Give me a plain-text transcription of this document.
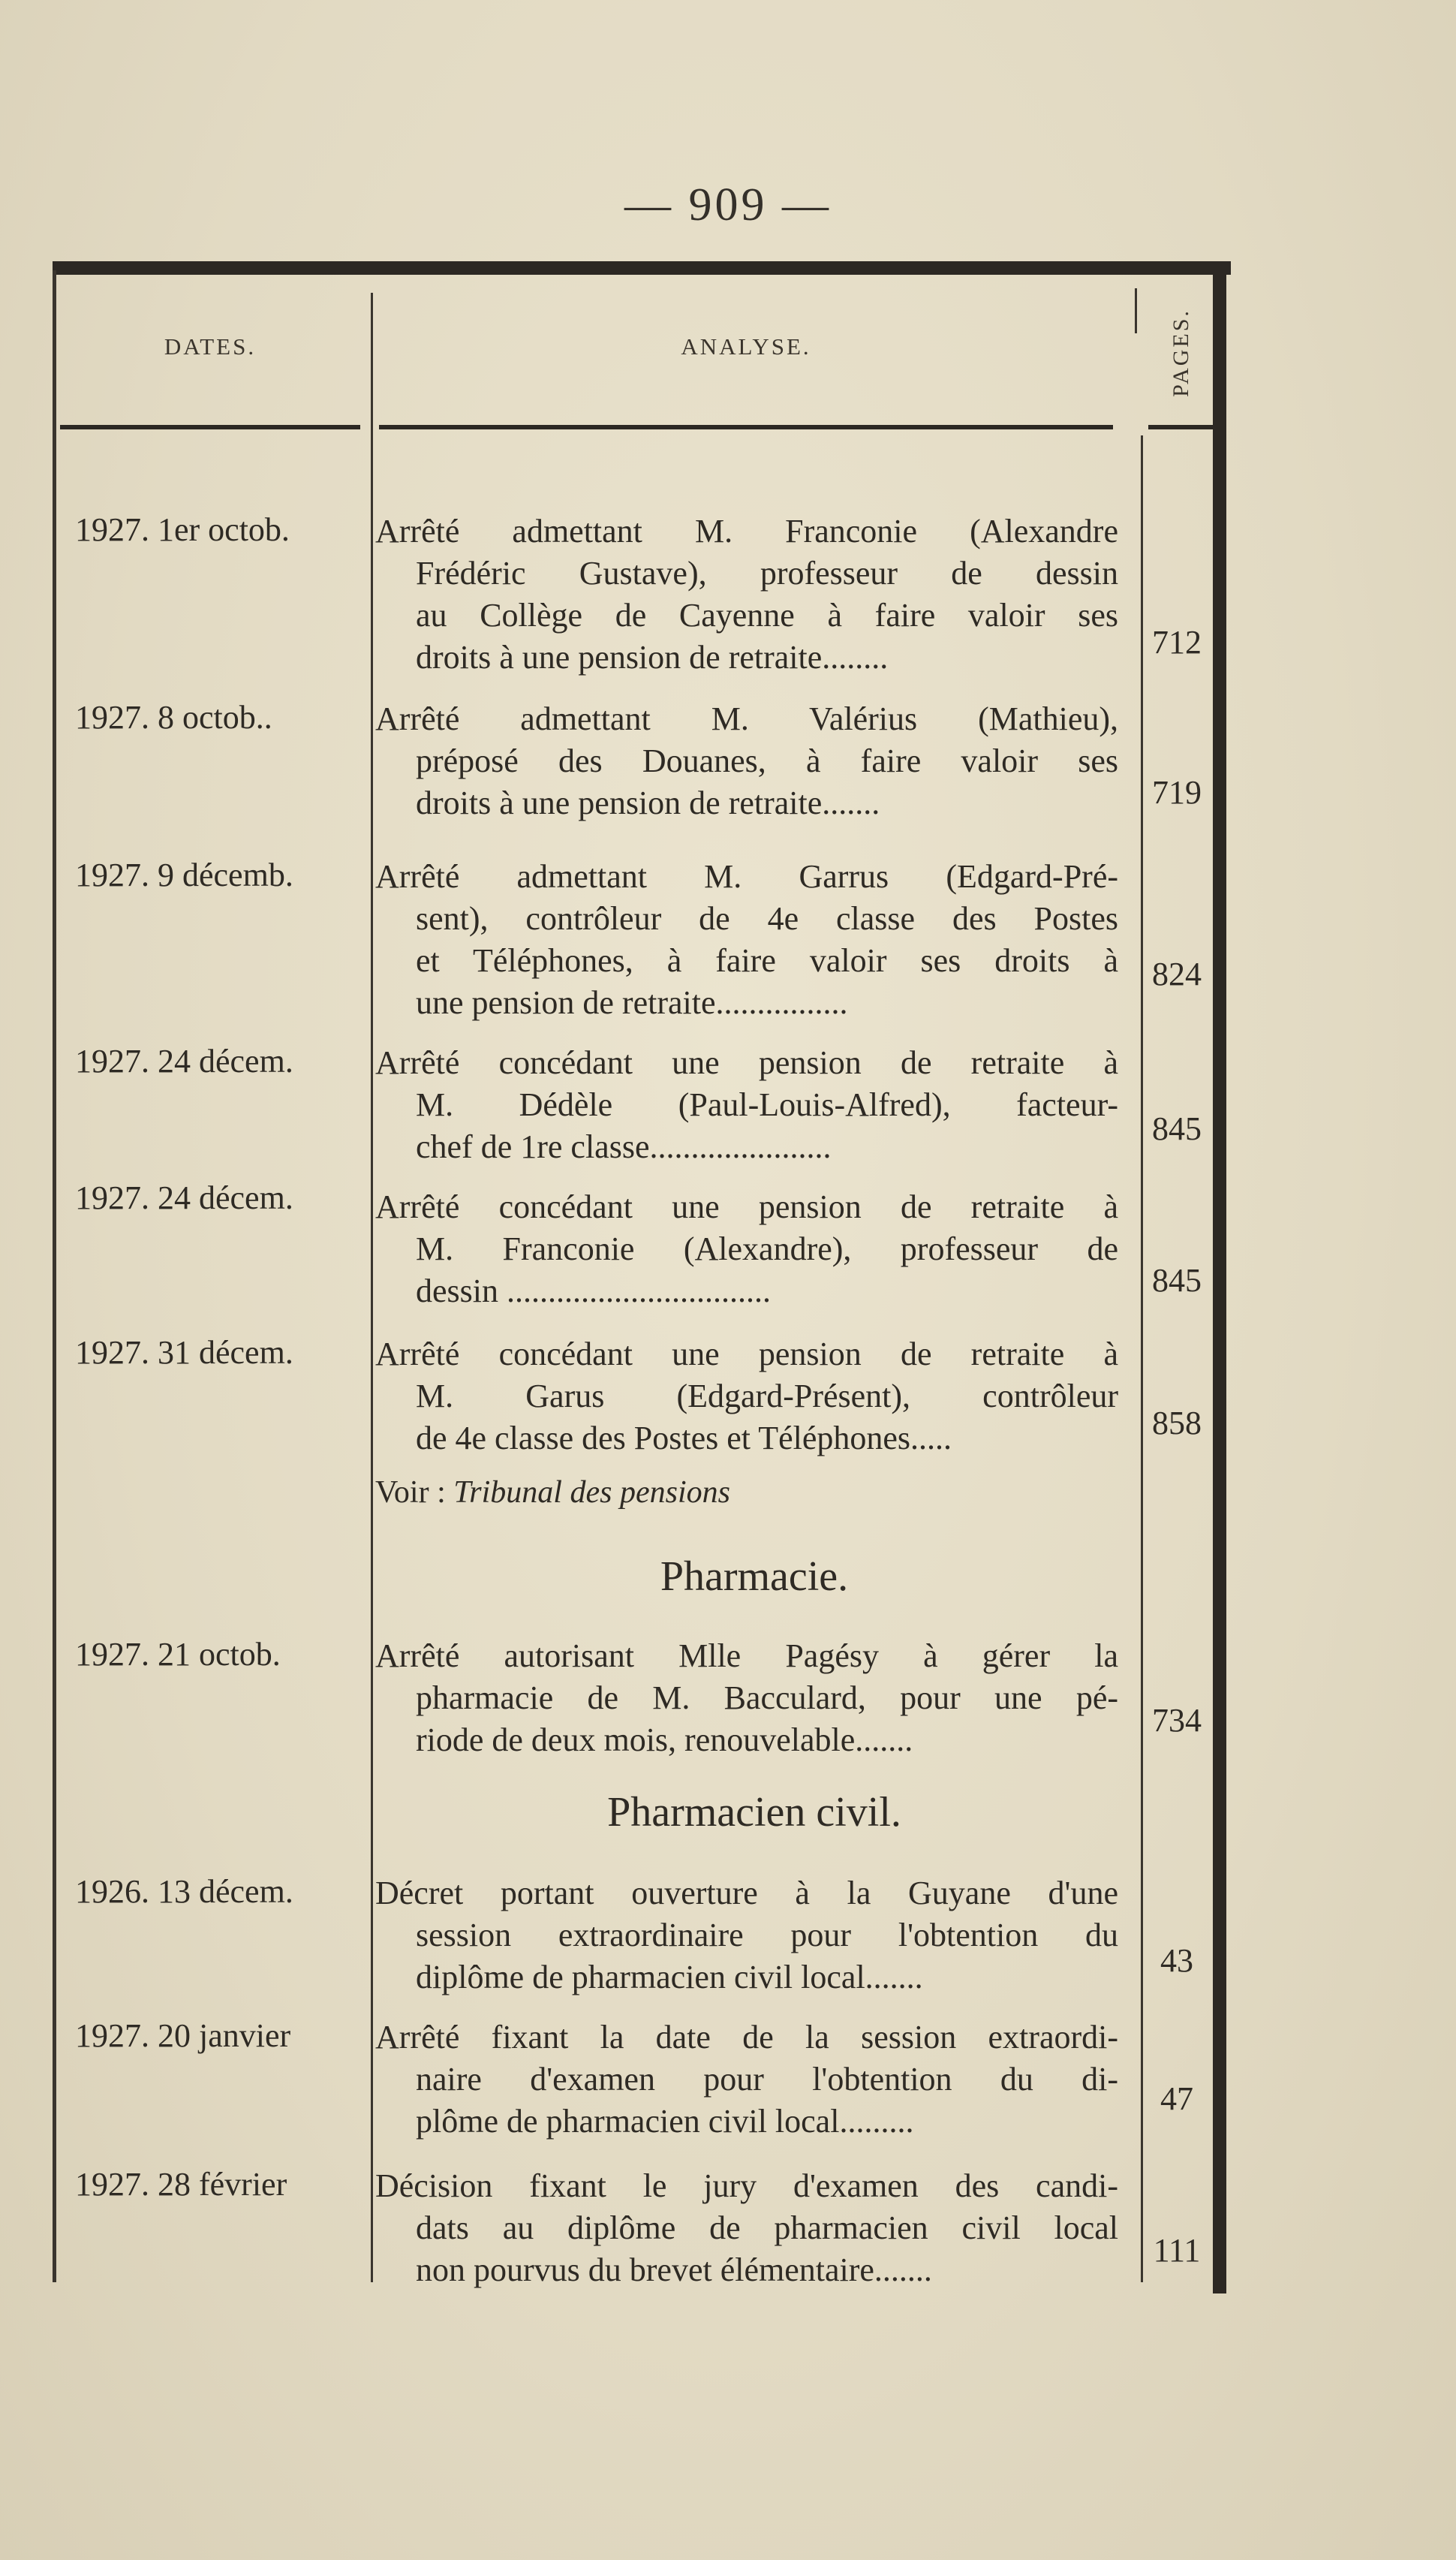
— 909 —
DATES.	ANALYSE.	PAGES.
1927. 1er octob.	Arrêté admettant M. Franconie (Alexandre
Frédéric Gustave), professeur de dessin
au Collège de Cayenne à faire valoir ses
droits à une pension de retraite........	712
1927. 8 octob..	Arrêté admettant M. Valérius (Mathieu),
préposé des Douanes, à faire valoir ses
droits à une pension de retraite.......	719
1927. 9 décemb.	Arrêté admettant M. Garrus (Edgard-Pré-
sent), contrôleur de 4e classe des Postes
et Téléphones, à faire valoir ses droits à
une pension de retraite................
824
1927. 24 décem.	Arrêté concédant une pension de retraite à
M. Dédèle (Paul-Louis-Alfred), facteur-
chef de 1re classe......................	845
1927. 24 décem.	Arrêté concédant une pension de retraite à
M. Franconie (Alexandre), professeur de
dessin ................................	845
1927. 31 décem.	Arrêté concédant une pension de retraite à
M. Garus (Edgard-Présent), contrôleur
de 4e classe des Postes et Téléphones.....	858
Voir : Tribunal des pensions
Pharmacie.
1927. 21 octob.	Arrêté autorisant Mlle Pagésy à gérer la
pharmacie de M. Bacculard, pour une pé-
riode de deux mois, renouvelable.......
734
Pharmacien civil.
1926. 13 décem.	Décret portant ouverture à la Guyane d'une
session extraordinaire pour l'obtention du
diplôme de pharmacien civil local.......	43
1927. 20 janvier	Arrêté fixant la date de la session extraordi-
naire d'examen pour l'obtention du di-
plôme de pharmacien civil local.........
47
1927. 28 février	Décision fixant le jury d'examen des candi-
dats au diplôme de pharmacien civil local
non pourvus du brevet élémentaire.......
111
